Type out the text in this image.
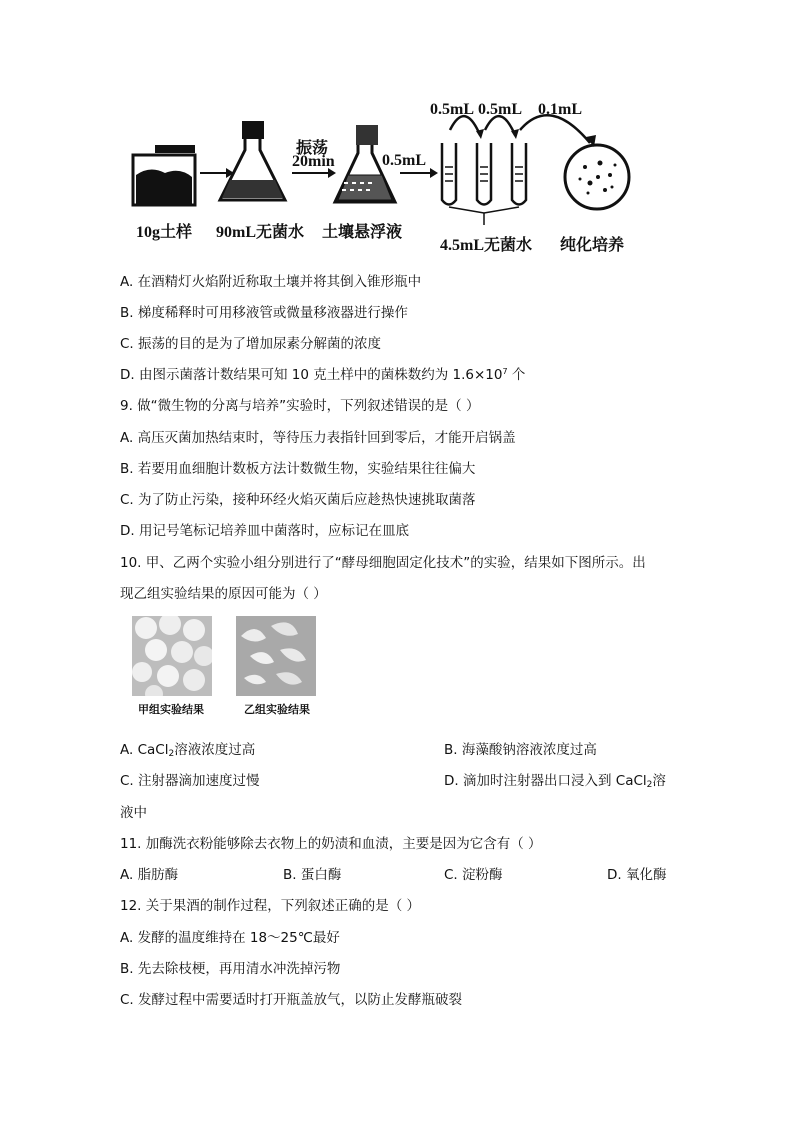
10g土样 90mL无菌水 土壤悬浮液
振荡
20min	0.5mL
0.5mL 0.5mL 0.1mL
4.5mL无菌水 纯化培养
A. 在酒精灯火焰附近称取土壤并将其倒入锥形瓶中
B. 梯度稀释时可用移液管或微量移液器进行操作
C. 振荡的目的是为了增加尿素分解菌的浓度
D. 由图示菌落计数结果可知 10 克土样中的菌株数约为 $1.6\times 10^7$ 个
9. 做“微生物的分离与培养”实验时，下列叙述错误的是（ ）
A. 高压灭菌加热结束时，等待压力表指针回到零后，才能开启锅盖
B. 若要用血细胞计数板方法计数微生物，实验结果往往偏大
C. 为了防止污染，接种环经火焰灭菌后应趁热快速挑取菌落
D. 用记号笔标记培养皿中菌落时，应标记在皿底
10. 甲、乙两个实验小组分别进行了“酵母细胞固定化技术”的实验，结果如下图所示。出
现乙组实验结果的原因可能为（ ）
甲组实验结果	乙组实验结果
A. CaCl$_2$溶液浓度过高	B. 海藻酸钠溶液浓度过高
C. 注射器滴加速度过慢	D. 滴加时注射器出口浸入到 CaCl$_2$溶
液中
11. 加酶洗衣粉能够除去衣物上的奶渍和血渍，主要是因为它含有（ ）
A. 脂肪酶	B. 蛋白酶	C. 淀粉酶	D. 氧化酶
12. 关于果酒的制作过程，下列叙述正确的是（ ）
A. 发酵的温度维持在 18～25℃最好
B. 先去除枝梗，再用清水冲洗掉污物
C. 发酵过程中需要适时打开瓶盖放气，以防止发酵瓶破裂
